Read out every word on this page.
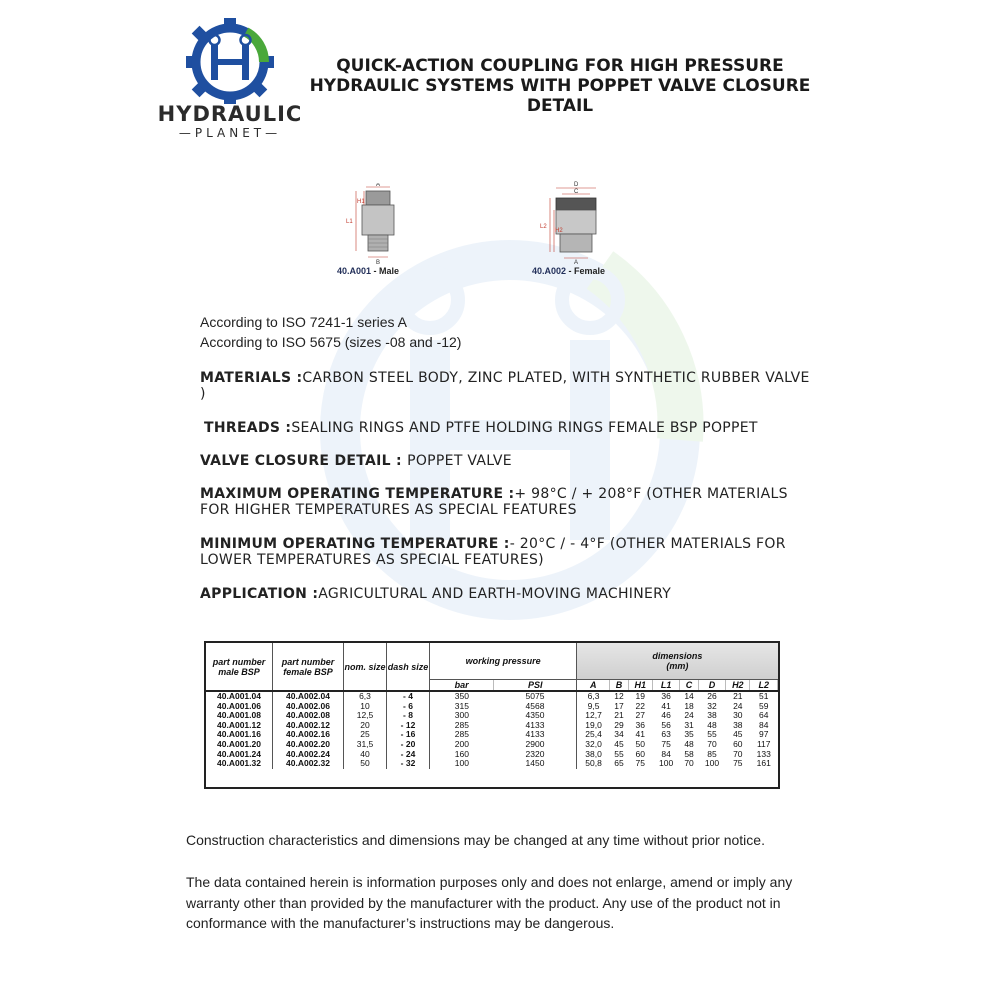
HYDRAULIC
—PLANET—
QUICK-ACTION COUPLING FOR HIGH PRESSURE HYDRAULIC SYSTEMS WITH POPPET VALVE CLOSURE DETAIL
A
H1
L1
B
40.A001 - Male
D
C
L2
H2
A
40.A002 - Female
According to ISO 7241-1 series A
According to ISO 5675 (sizes -08 and -12)
MATERIALS :CARBON STEEL BODY, ZINC PLATED, WITH SYNTHETIC RUBBER VALVE )
THREADS :SEALING RINGS AND PTFE HOLDING RINGS FEMALE BSP POPPET
VALVE CLOSURE DETAIL : POPPET VALVE
MAXIMUM OPERATING TEMPERATURE :+ 98°C / + 208°F (OTHER MATERIALS FOR HIGHER TEMPERATURES AS SPECIAL FEATURES
MINIMUM OPERATING TEMPERATURE :- 20°C / - 4°F (OTHER MATERIALS FOR LOWER TEMPERATURES AS SPECIAL FEATURES)
APPLICATION :AGRICULTURAL AND EARTH-MOVING MACHINERY
part number male BSP	part number female BSP	nom. size	dash size	working pressure		dimensions
(mm)							
				bar	PSI	A	B	H1	L1	C	D	H2	L2
40.A001.04	40.A002.04	6,3	- 4	350	5075	6,3	12	19	36	14	26	21	51
40.A001.06	40.A002.06	10	- 6	315	4568	9,5	17	22	41	18	32	24	59
40.A001.08	40.A002.08	12,5	- 8	300	4350	12,7	21	27	46	24	38	30	64
40.A001.12	40.A002.12	20	- 12	285	4133	19,0	29	36	56	31	48	38	84
40.A001.16	40.A002.16	25	- 16	285	4133	25,4	34	41	63	35	55	45	97
40.A001.20	40.A002.20	31,5	- 20	200	2900	32,0	45	50	75	48	70	60	117
40.A001.24	40.A002.24	40	- 24	160	2320	38,0	55	60	84	58	85	70	133
40.A001.32	40.A002.32	50	- 32	100	1450	50,8	65	75	100	70	100	75	161
Construction characteristics and dimensions may be changed at any time without prior notice.
The data contained herein is information purposes only and does not enlarge, amend or imply any warranty other than provided by the manufacturer with the product. Any use of the product not in conformance with the manufacturer’s instructions may be dangerous.
